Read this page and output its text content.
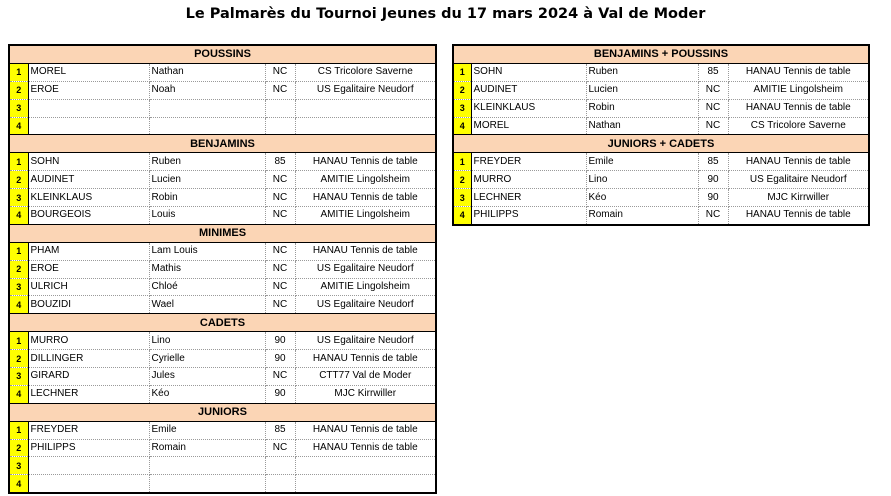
Le Palmarès du Tournoi Jeunes du 17 mars 2024 à Val de Moder
POUSSINS				
1	MOREL	Nathan	NC	CS Tricolore Saverne
2	EROE	Noah	NC	US Egalitaire Neudorf
3				
4				
BENJAMINS				
1	SOHN	Ruben	85	HANAU Tennis de table
2	AUDINET	Lucien	NC	AMITIE Lingolsheim
3	KLEINKLAUS	Robin	NC	HANAU Tennis de table
4	BOURGEOIS	Louis	NC	AMITIE Lingolsheim
MINIMES				
1	PHAM	Lam Louis	NC	HANAU Tennis de table
2	EROE	Mathis	NC	US Egalitaire Neudorf
3	ULRICH	Chloé	NC	AMITIE Lingolsheim
4	BOUZIDI	Wael	NC	US Egalitaire Neudorf
CADETS				
1	MURRO	Lino	90	US Egalitaire Neudorf
2	DILLINGER	Cyrielle	90	HANAU Tennis de table
3	GIRARD	Jules	NC	CTT77 Val de Moder
4	LECHNER	Kéo	90	MJC Kirrwiller
JUNIORS				
1	FREYDER	Emile	85	HANAU Tennis de table
2	PHILIPPS	Romain	NC	HANAU Tennis de table
3				
4				
BENJAMINS + POUSSINS				
1	SOHN	Ruben	85	HANAU Tennis de table
2	AUDINET	Lucien	NC	AMITIE Lingolsheim
3	KLEINKLAUS	Robin	NC	HANAU Tennis de table
4	MOREL	Nathan	NC	CS Tricolore Saverne
JUNIORS + CADETS				
1	FREYDER	Emile	85	HANAU Tennis de table
2	MURRO	Lino	90	US Egalitaire Neudorf
3	LECHNER	Kéo	90	MJC Kirrwiller
4	PHILIPPS	Romain	NC	HANAU Tennis de table
